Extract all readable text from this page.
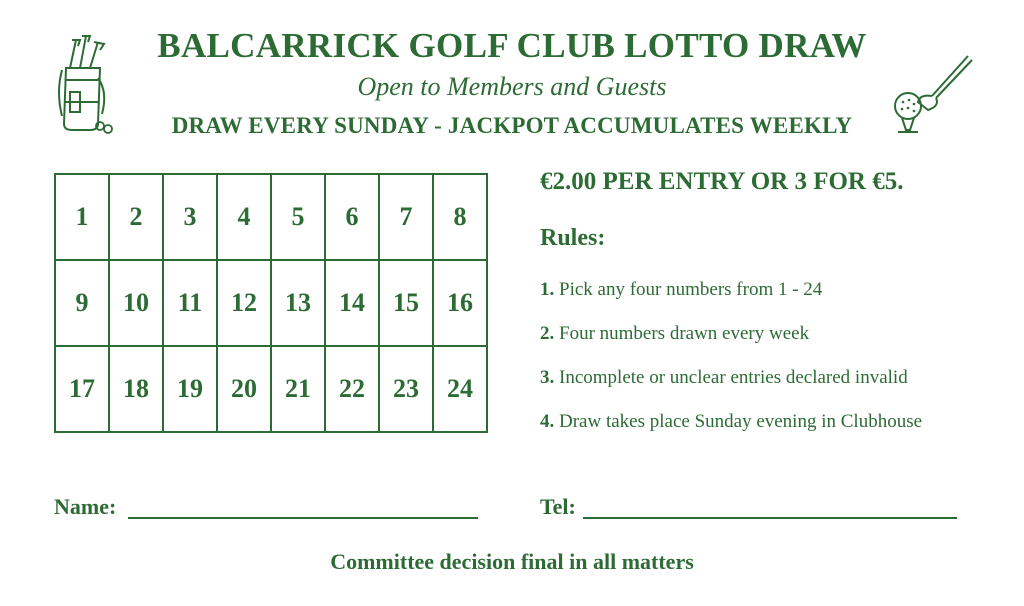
BALCARRICK GOLF CLUB LOTTO DRAW
Open to Members and Guests
DRAW EVERY SUNDAY - JACKPOT ACCUMULATES WEEKLY
1	2	3	4	5	6	7	8
9	10	11	12	13	14	15	16
17	18	19	20	21	22	23	24
€2.00 PER ENTRY OR 3 FOR €5.
Rules:
1. Pick any four numbers from 1 - 24
2. Four numbers drawn every week
3. Incomplete or unclear entries declared invalid
4. Draw takes place Sunday evening in Clubhouse
Name:	Tel:
Committee decision final in all matters
